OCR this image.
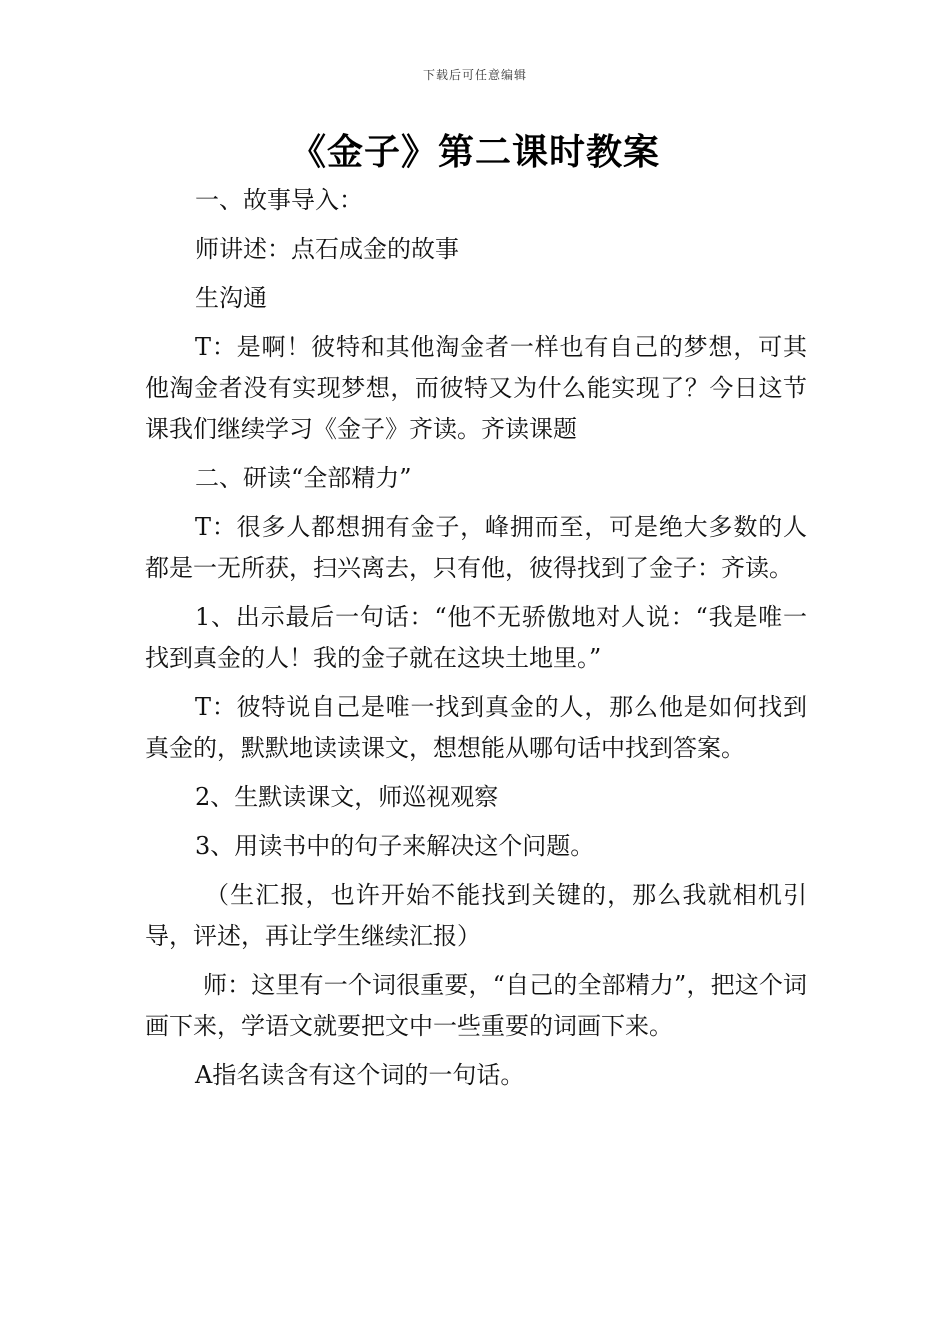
下载后可任意编辑
《金子》第二课时教案

一、故事导入：

师讲述：点石成金的故事

生沟通

T：是啊！彼特和其他淘金者一样也有自己的梦想，可其他淘金者没有实现梦想，而彼特又为什么能实现了？今日这节课我们继续学习《金子》齐读。齐读课题

二、研读“全部精力”

T：很多人都想拥有金子，峰拥而至，可是绝大多数的人都是一无所获，扫兴离去，只有他，彼得找到了金子：齐读。

1、出示最后一句话：“他不无骄傲地对人说：“我是唯一找到真金的人！我的金子就在这块土地里。”

T：彼特说自己是唯一找到真金的人，那么他是如何找到真金的，默默地读读课文，想想能从哪句话中找到答案。

2、生默读课文，师巡视观察

3、用读书中的句子来解决这个问题。

（生汇报，也许开始不能找到关键的，那么我就相机引导，评述，再让学生继续汇报）

师：这里有一个词很重要，“自己的全部精力”，把这个词画下来，学语文就要把文中一些重要的词画下来。

A指名读含有这个词的一句话。
